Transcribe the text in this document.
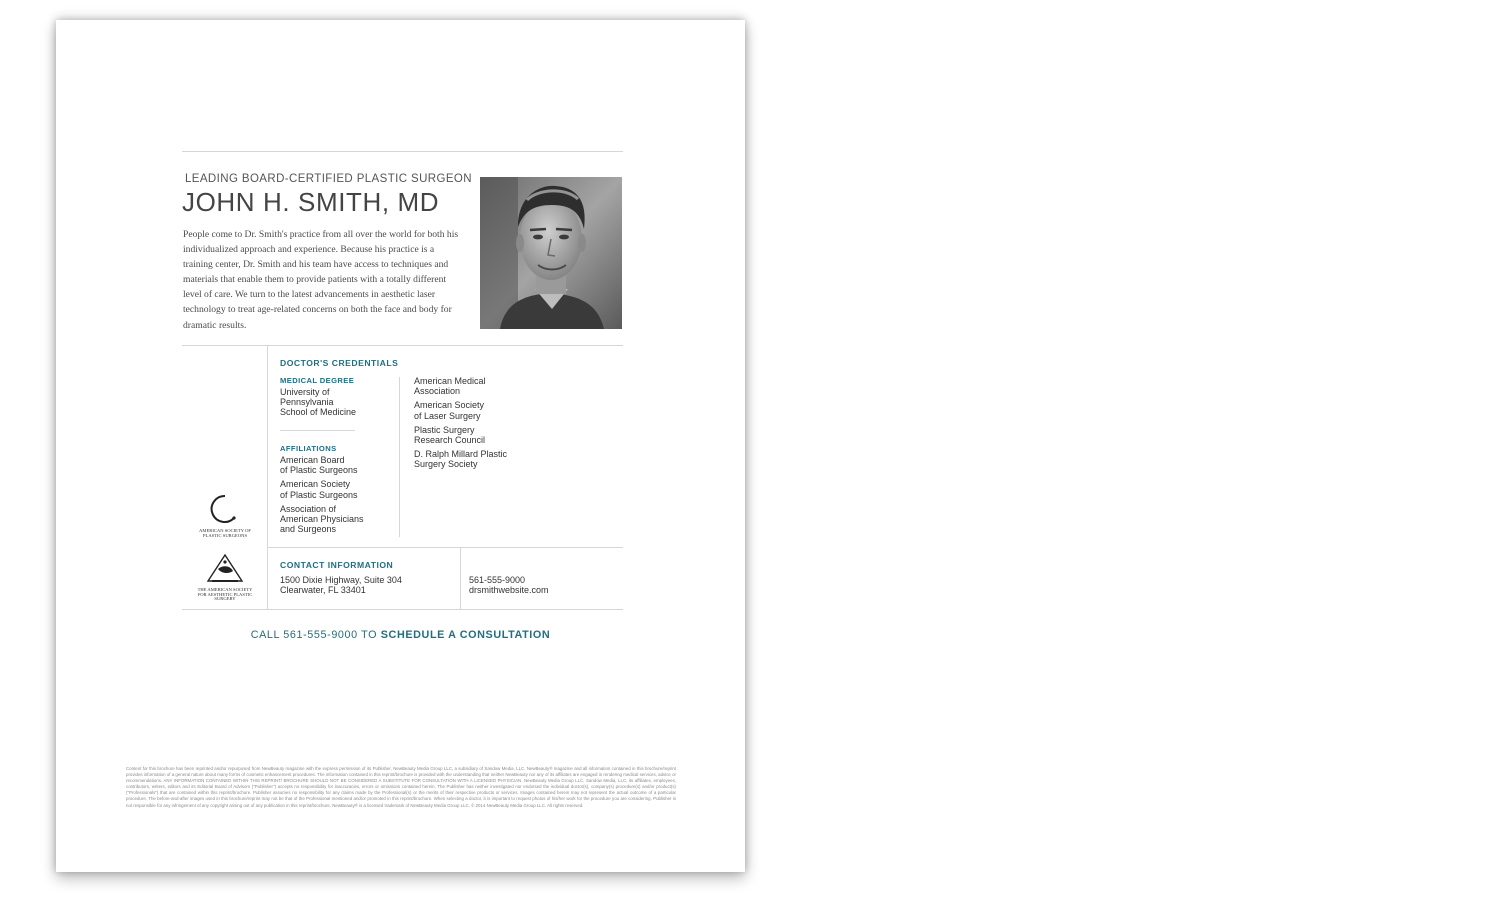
LEADING BOARD-CERTIFIED PLASTIC SURGEON
JOHN H. SMITH, MD
People come to Dr. Smith's practice from all over the world for both his individualized approach and experience. Because his practice is a training center, Dr. Smith and his team have access to techniques and materials that enable them to provide patients with a totally different level of care. We turn to the latest advancements in aesthetic laser technology to treat age-related concerns on both the face and body for dramatic results.
DOCTOR'S CREDENTIALS
MEDICAL DEGREE
University of
Pennsylvania
School of Medicine
AFFILIATIONS
American Board
of Plastic Surgeons
American Society
of Plastic Surgeons
Association of
American Physicians
and Surgeons
American Medical
Association
American Society
of Laser Surgery
Plastic Surgery
Research Council
D. Ralph Millard Plastic
Surgery Society
AMERICAN SOCIETY OF
PLASTIC SURGEONS
THE AMERICAN SOCIETY
FOR AESTHETIC PLASTIC SURGERY
CONTACT INFORMATION
1500 Dixie Highway, Suite 304
Clearwater, FL 33401
561-555-9000
drsmithwebsite.com
CALL 561-555-9000 TO SCHEDULE A CONSULTATION
Content for this brochure has been reprinted and/or repurposed from NewBeauty magazine with the express permission of its Publisher, NewBeauty Media Group LLC, a subsidiary of Sandow Media, LLC. NewBeauty® magazine and all information contained in this brochure/reprint provides information of a general nature about many forms of cosmetic enhancement procedures. The information contained in this reprint/brochure is provided with the understanding that neither NewBeauty nor any of its affiliates are engaged in rendering medical services, advice or recommendations. ANY INFORMATION CONTAINED WITHIN THIS REPRINT/ BROCHURE SHOULD NOT BE CONSIDERED A SUBSTITUTE FOR CONSULTATION WITH A LICENSED PHYSICIAN. NewBeauty Media Group LLC, Sandow Media, LLC, its affiliates, employees, contributors, writers, editors and its Editorial Board of Advisors ("Publisher") accepts no responsibility for inaccuracies, errors or omissions contained herein. The Publisher has neither investigated nor endorsed the individual doctor(s), company(s) procedure(s) and/or product(s) ("Professionals") that are contained within this reprint/brochure. Publisher assumes no responsibility for any claims made by the Professional(s) or the merits of their respective products or services. Images contained herein may not represent the actual outcome of a particular procedure. The before-and-after images used in this brochure/reprint may not be that of the Professional mentioned and/or promoted in this reprint/brochure. When selecting a doctor, it is important to request photos of his/her work for the procedure you are considering. Publisher is not responsible for any infringement of any copyright arising out of any publication in this reprint/brochure. NewBeauty® is a licensed trademark of NewBeauty Media Group LLC. © 2014 NewBeauty Media Group LLC. All rights reserved.
